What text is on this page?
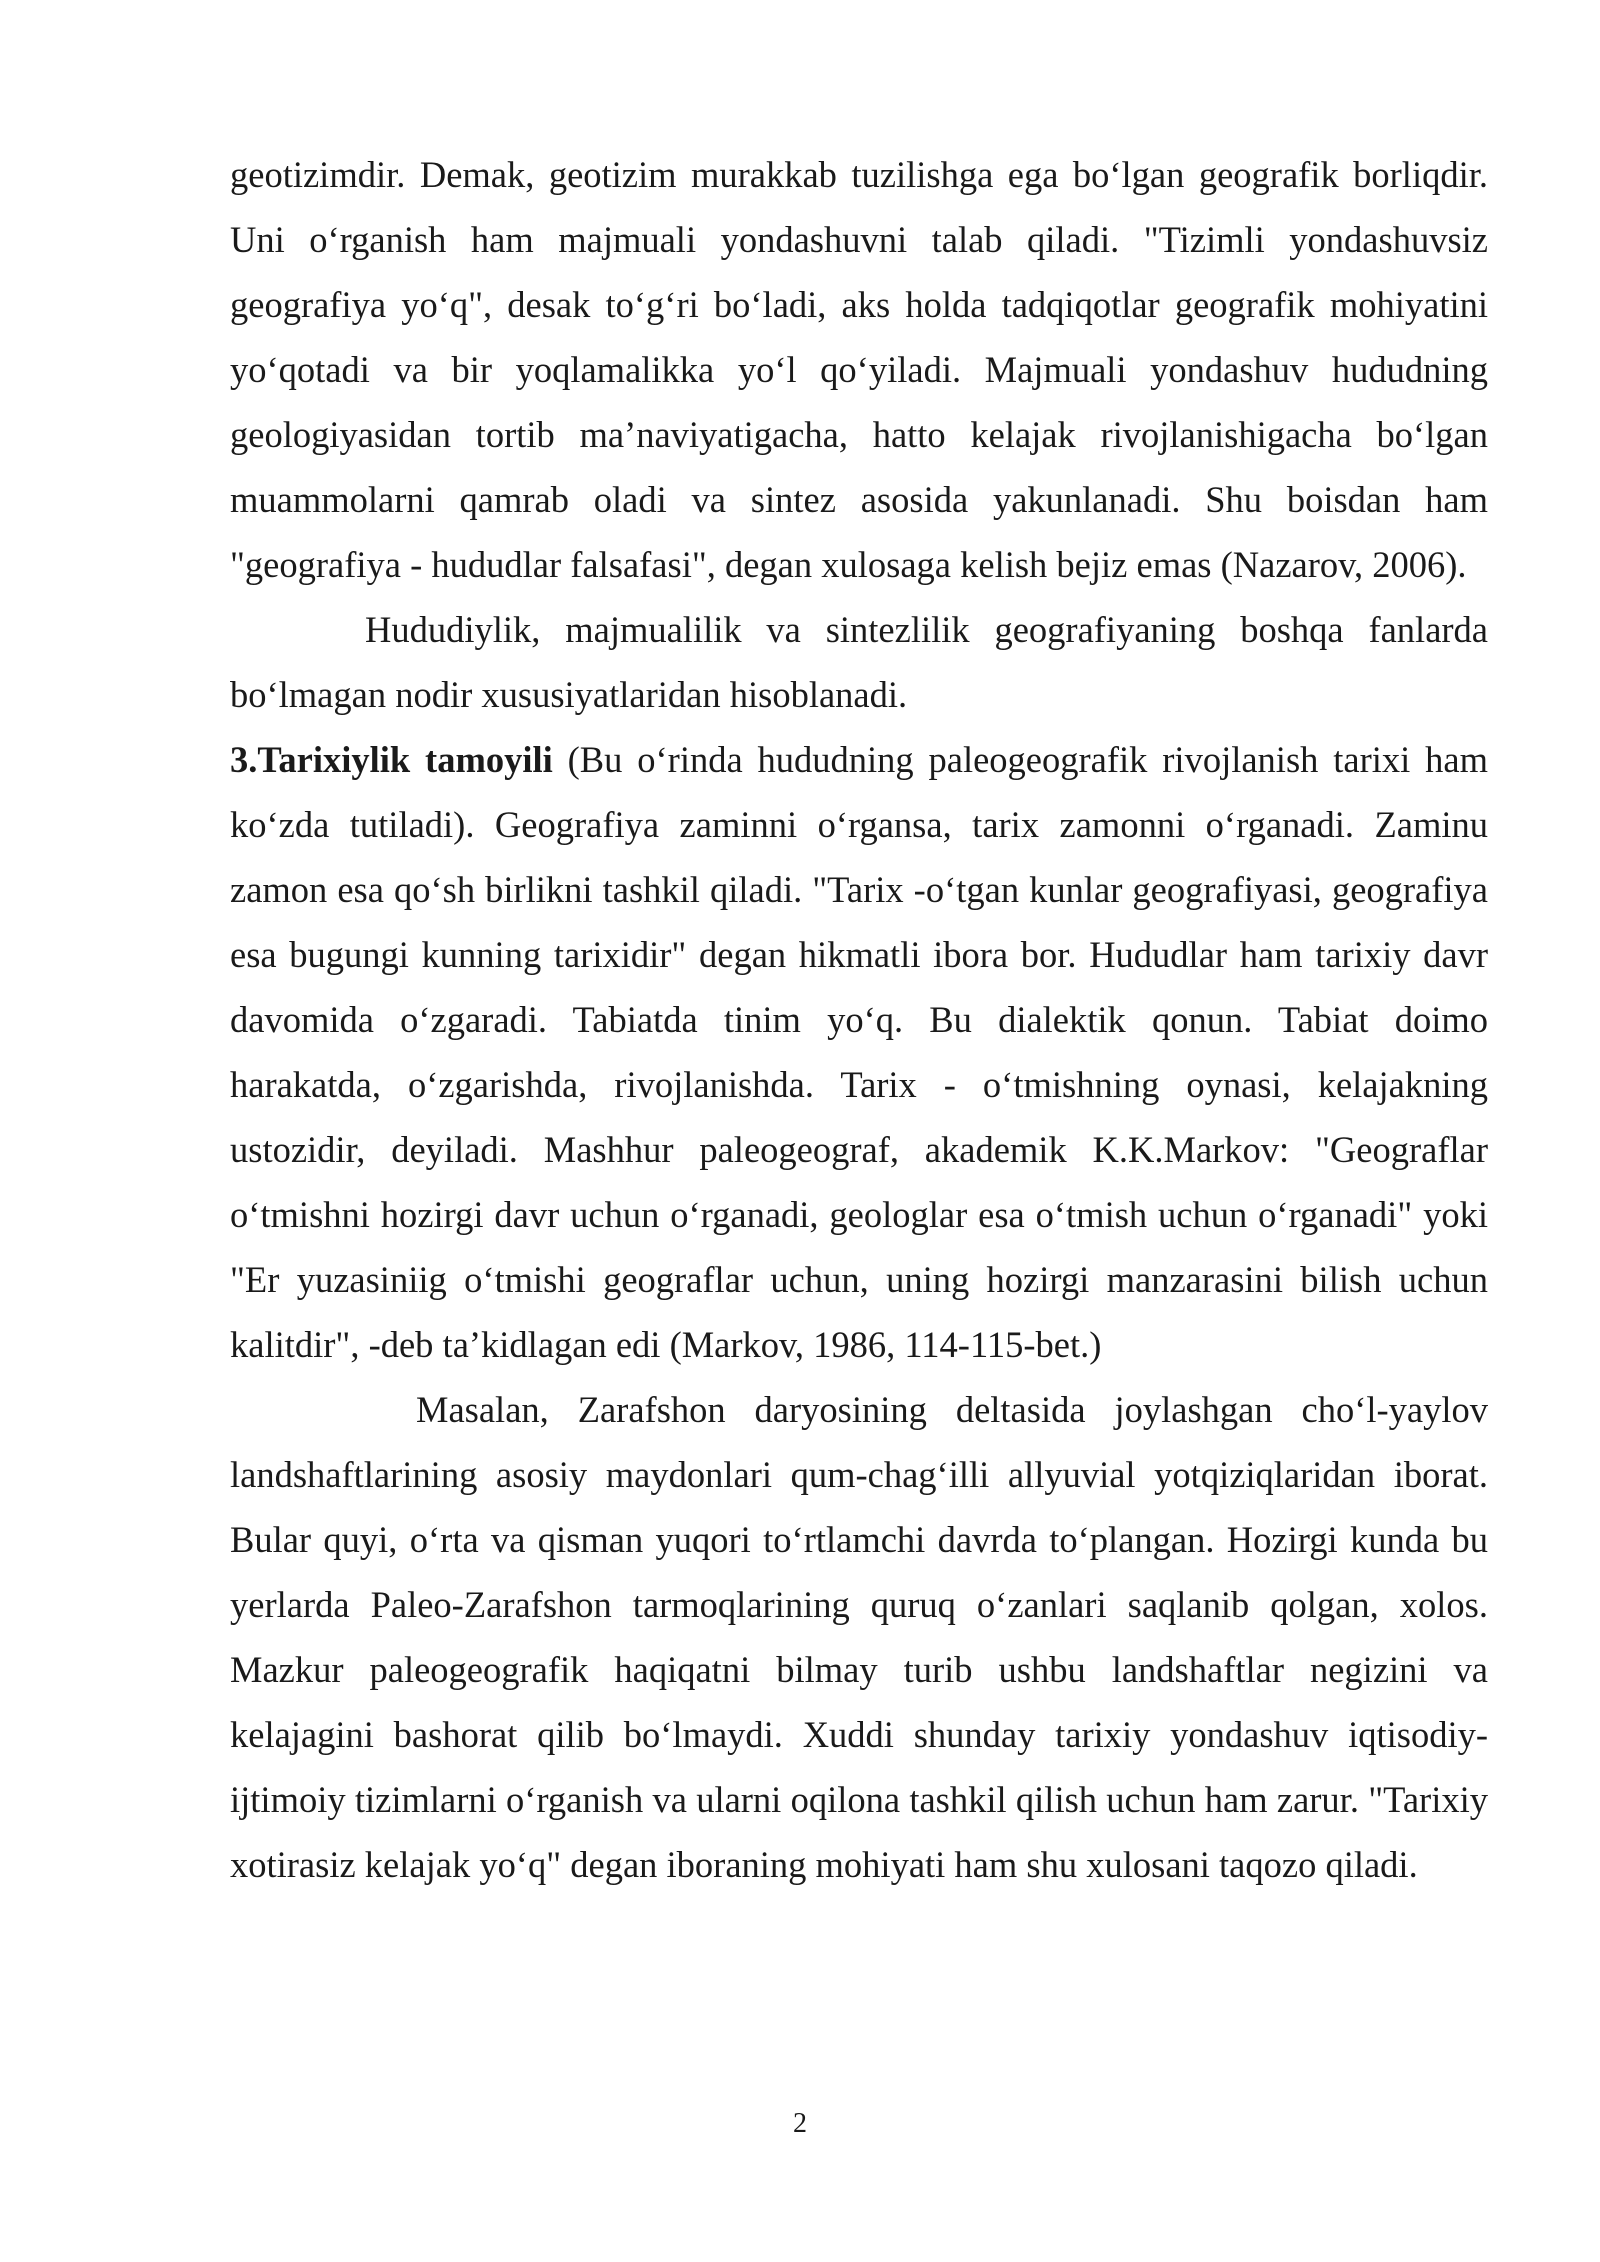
geotizimdir. Demak, geotizim murakkab tuzilishga ega bo‘lgan geografik borliqdir. Uni o‘rganish ham majmuali yondashuvni talab qiladi. "Tizimli yondashuvsiz geografiya yo‘q", desak to‘g‘ri bo‘ladi, aks holda tadqiqotlar geografik mohiyatini yo‘qotadi va bir yoqlamalikka yo‘l qo‘yiladi. Majmuali yondashuv hududning geologiyasidan tortib ma’naviyatigacha, hatto kelajak rivojlanishigacha bo‘lgan muammolarni qamrab oladi va sintez asosida yakunlanadi. Shu boisdan ham "geografiya - hududlar falsafasi", degan xulosaga kelish bejiz emas (Nazarov, 2006).

Hududiylik, majmualilik va sintezlilik geografiyaning boshqa fanlarda bo‘lmagan nodir xususiyatlaridan hisoblanadi.

3.Tarixiylik tamoyili (Bu o‘rinda hududning paleogeografik rivojlanish tarixi ham ko‘zda tutiladi). Geografiya zaminni o‘rgansa, tarix zamonni o‘rganadi. Zaminu zamon esa qo‘sh birlikni tashkil qiladi. "Tarix -o‘tgan kunlar geografiyasi, geografiya esa bugungi kunning tarixidir" degan hikmatli ibora bor. Hududlar ham tarixiy davr davomida o‘zgaradi. Tabiatda tinim yo‘q. Bu dialektik qonun. Tabiat doimo harakatda, o‘zgarishda, rivojlanishda. Tarix - o‘tmishning oynasi, kelajakning ustozidir, deyiladi. Mashhur paleogeograf, akademik K.K.Markov: "Geograflar o‘tmishni hozirgi davr uchun o‘rganadi, geologlar esa o‘tmish uchun o‘rganadi" yoki "Er yuzasiniig o‘tmishi geograflar uchun, uning hozirgi manzarasini bilish uchun kalitdir", -deb ta’kidlagan edi (Markov, 1986, 114-115-bet.)

Masalan, Zarafshon daryosining deltasida joylashgan cho‘l-yaylov landshaftlarining asosiy maydonlari qum-chag‘illi allyuvial yotqiziqlaridan iborat. Bular quyi, o‘rta va qisman yuqori to‘rtlamchi davrda to‘plangan. Hozirgi kunda bu yerlarda Paleo-Zarafshon tarmoqlarining quruq o‘zanlari saqlanib qolgan, xolos. Mazkur paleogeografik haqiqatni bilmay turib ushbu landshaftlar negizini va kelajagini bashorat qilib bo‘lmaydi. Xuddi shunday tarixiy yondashuv iqtisodiy-ijtimoiy tizimlarni o‘rganish va ularni oqilona tashkil qilish uchun ham zarur. "Tarixiy xotirasiz kelajak yo‘q" degan iboraning mohiyati ham shu xulosani taqozo qiladi.

2
